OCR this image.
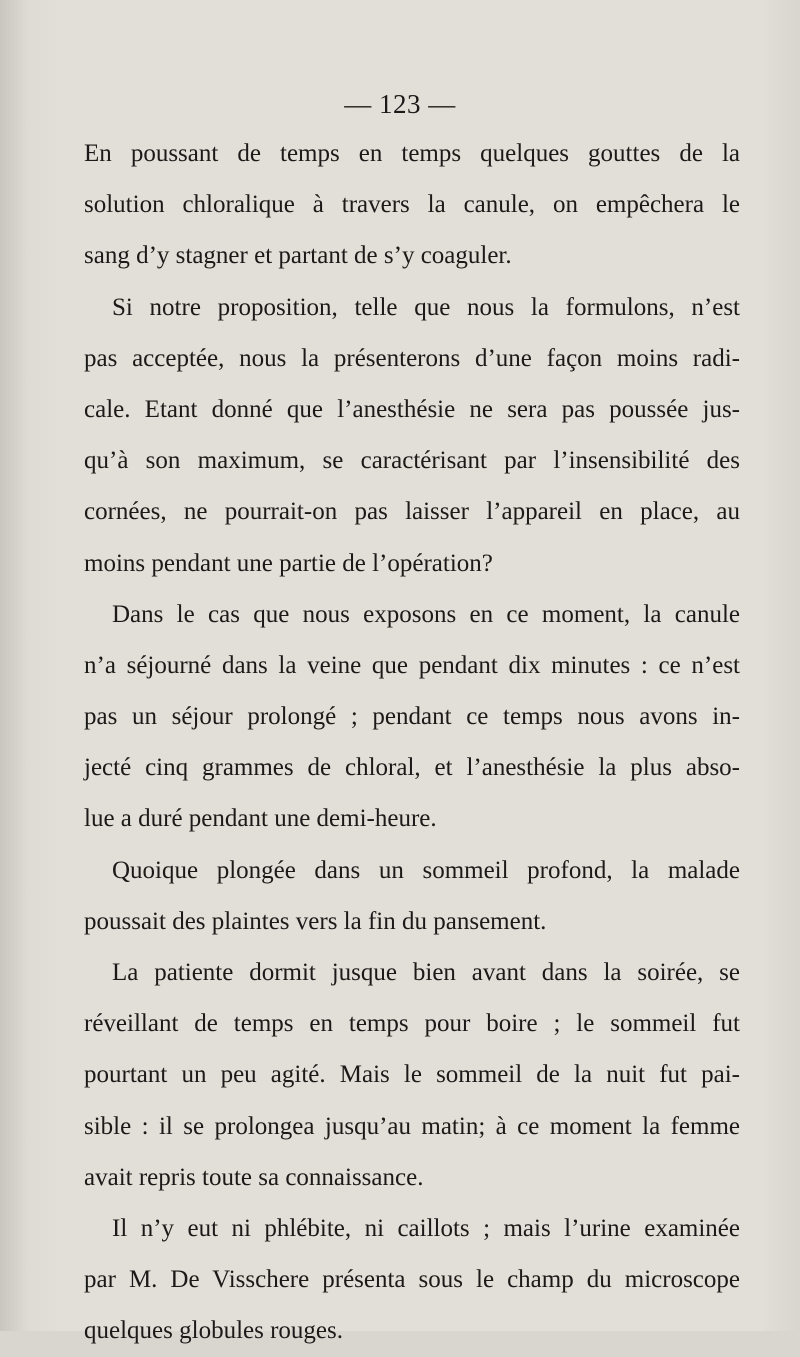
— 123 —
En poussant de temps en temps quelques gouttes de la
solution chloralique à travers la canule, on empêchera le
sang d’y stagner et partant de s’y coaguler.
Si notre proposition, telle que nous la formulons, n’est
pas acceptée, nous la présenterons d’une façon moins radi-
cale. Etant donné que l’anesthésie ne sera pas poussée jus-
qu’à son maximum, se caractérisant par l’insensibilité des
cornées, ne pourrait-on pas laisser l’appareil en place, au
moins pendant une partie de l’opération?
Dans le cas que nous exposons en ce moment, la canule
n’a séjourné dans la veine que pendant dix minutes : ce n’est
pas un séjour prolongé ; pendant ce temps nous avons in-
jecté cinq grammes de chloral, et l’anesthésie la plus abso-
lue a duré pendant une demi-heure.
Quoique plongée dans un sommeil profond, la malade
poussait des plaintes vers la fin du pansement.
La patiente dormit jusque bien avant dans la soirée, se
réveillant de temps en temps pour boire ; le sommeil fut
pourtant un peu agité. Mais le sommeil de la nuit fut pai-
sible : il se prolongea jusqu’au matin; à ce moment la femme
avait repris toute sa connaissance.
Il n’y eut ni phlébite, ni caillots ; mais l’urine examinée
par M. De Visschere présenta sous le champ du microscope
quelques globules rouges.
